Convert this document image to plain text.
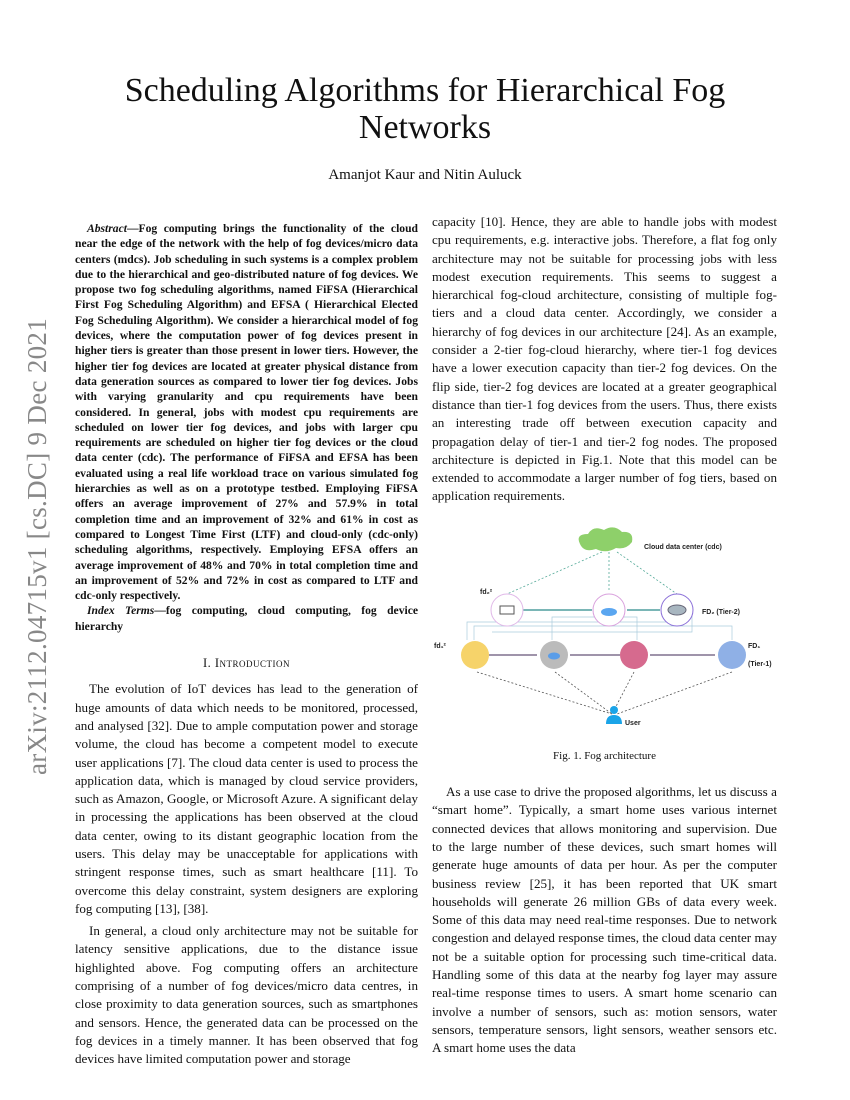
arXiv:2112.04715v1 [cs.DC] 9 Dec 2021
Scheduling Algorithms for Hierarchical Fog Networks
Amanjot Kaur and Nitin Auluck

Abstract—Fog computing brings the functionality of the cloud near the edge of the network with the help of fog devices/micro data centers (mdcs). Job scheduling in such systems is a complex problem due to the hierarchical and geo-distributed nature of fog devices. We propose two fog scheduling algorithms, named FiFSA (Hierarchical First Fog Scheduling Algorithm) and EFSA ( Hierarchical Elected Fog Scheduling Algorithm). We consider a hierarchical model of fog devices, where the computation power of fog devices present in higher tiers is greater than those present in lower tiers. However, the higher tier fog devices are located at greater physical distance from data generation sources as compared to lower tier fog devices. Jobs with varying granularity and cpu requirements have been considered. In general, jobs with modest cpu requirements are scheduled on lower tier fog devices, and jobs with larger cpu requirements are scheduled on higher tier fog devices or the cloud data center (cdc). The performance of FiFSA and EFSA has been evaluated using a real life workload trace on various simulated fog hierarchies as well as on a prototype testbed. Employing FiFSA offers an average improvement of 27% and 57.9% in total completion time and an improvement of 32% and 61% in cost as compared to Longest Time First (LTF) and cloud-only (cdc-only) scheduling algorithms, respectively. Employing EFSA offers an average improvement of 48% and 70% in total completion time and an improvement of 52% and 72% in cost as compared to LTF and cdc-only respectively.

Index Terms—fog computing, cloud computing, fog device hierarchy

I. Introduction

The evolution of IoT devices has lead to the generation of huge amounts of data which needs to be monitored, processed, and analysed [32]. Due to ample computation power and storage volume, the cloud has become a competent model to execute user applications [7]. The cloud data center is used to process the application data, which is managed by cloud service providers, such as Amazon, Google, or Microsoft Azure. A significant delay in processing the applications has been observed at the cloud data center, owing to its distant geographic location from the users. This delay may be unacceptable for applications with stringent response times, such as smart healthcare [11]. To overcome this delay constraint, system designers are exploring fog computing [13], [38].

In general, a cloud only architecture may not be suitable for latency sensitive applications, due to the distance issue highlighted above. Fog computing offers an architecture comprising of a number of fog devices/micro data centres, in close proximity to data generation sources, such as smartphones and sensors. Hence, the generated data can be processed on the fog devices in a timely manner. It has been observed that fog devices have limited computation power and storage

capacity [10]. Hence, they are able to handle jobs with modest cpu requirements, e.g. interactive jobs. Therefore, a flat fog only architecture may not be suitable for processing jobs with less modest execution requirements. This seems to suggest a hierarchical fog-cloud architecture, consisting of multiple fog-tiers and a cloud data center. Accordingly, we consider a hierarchy of fog devices in our architecture [24]. As an example, consider a 2-tier fog-cloud hierarchy, where tier-1 fog devices have a lower execution capacity than tier-2 fog devices. On the flip side, tier-2 fog devices are located at a greater geographical distance than tier-1 fog devices from the users. Thus, there exists an interesting trade off between execution capacity and propagation delay of tier-1 and tier-2 fog nodes. The proposed architecture is depicted in Fig.1. Note that this model can be extended to accommodate a larger number of fog tiers, based on application requirements.

Cloud data center (cdc)
fd₂²
FD₂ (Tier-2)
fd₁²	FD₁ (Tier-1)
User
Fig. 1. Fog architecture

As a use case to drive the proposed algorithms, let us discuss a “smart home”. Typically, a smart home uses various internet connected devices that allows monitoring and supervision. Due to the large number of these devices, such smart homes will generate huge amounts of data per hour. As per the computer business review [25], it has been reported that UK smart households will generate 26 million GBs of data every week. Some of this data may need real-time responses. Due to network congestion and delayed response times, the cloud data center may not be a suitable option for processing such time-critical data. Handling some of this data at the nearby fog layer may assure real-time response times to users. A smart home scenario can involve a number of sensors, such as: motion sensors, water sensors, temperature sensors, light sensors, weather sensors etc. A smart home uses the data
